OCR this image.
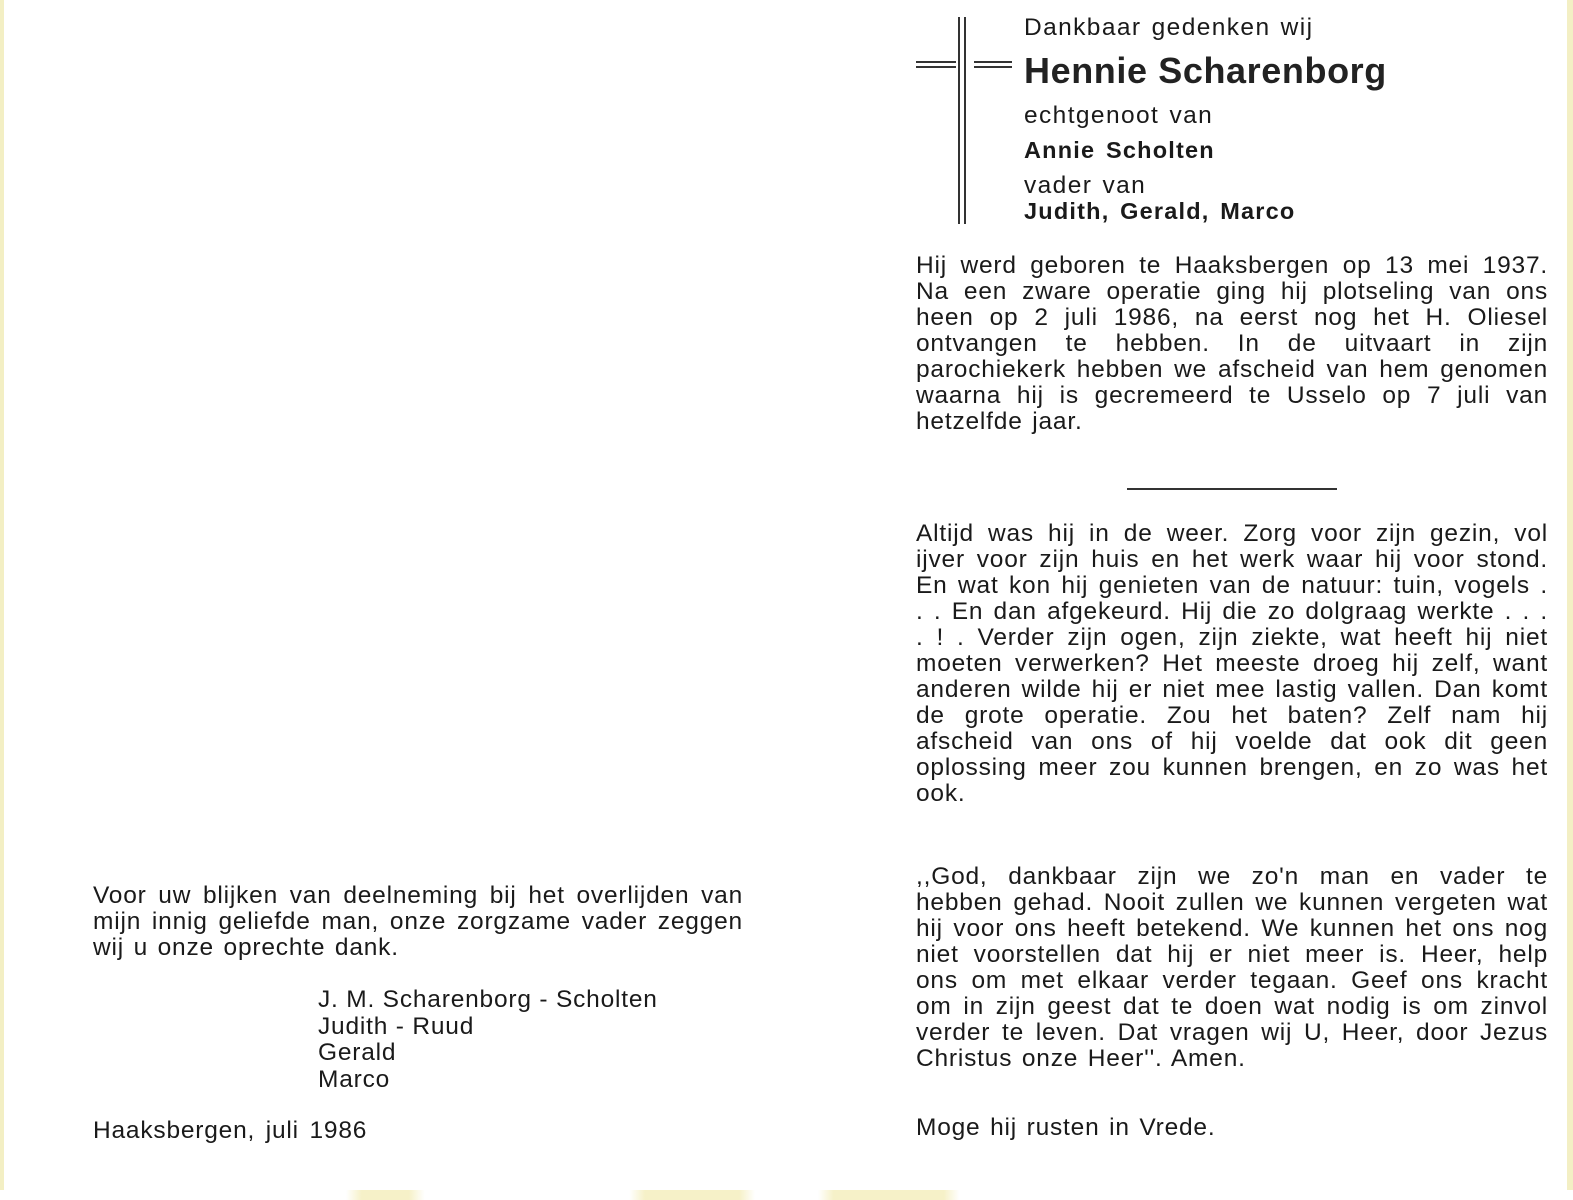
Voor uw blijken van deelneming bij het overlijden van mijn innig geliefde man, onze zorgzame vader zeggen wij u onze oprechte dank.

J. M. Scharenborg - Scholten
Judith - Ruud
Gerald
Marco
Haaksbergen, juli 1986
Dankbaar gedenken wij
Hennie Scharenborg
echtgenoot van
Annie Scholten
vader van
Judith, Gerald, Marco

Hij werd geboren te Haaksbergen op 13 mei 1937. Na een zware operatie ging hij plotseling van ons heen op 2 juli 1986, na eerst nog het H. Oliesel ontvangen te hebben. In de uitvaart in zijn parochiekerk hebben we afscheid van hem genomen waarna hij is gecremeerd te Usselo op 7 juli van hetzelfde jaar.

Altijd was hij in de weer. Zorg voor zijn gezin, vol ijver voor zijn huis en het werk waar hij voor stond. En wat kon hij genieten van de natuur: tuin, vogels . . . En dan afgekeurd. Hij die zo dolgraag werkte . . . . ! . Verder zijn ogen, zijn ziekte, wat heeft hij niet moeten verwerken? Het meeste droeg hij zelf, want anderen wilde hij er niet mee lastig vallen. Dan komt de grote operatie. Zou het baten? Zelf nam hij afscheid van ons of hij voelde dat ook dit geen oplossing meer zou kunnen brengen, en zo was het ook.

,,God, dankbaar zijn we zo'n man en vader te hebben gehad. Nooit zullen we kunnen vergeten wat hij voor ons heeft betekend. We kunnen het ons nog niet voorstellen dat hij er niet meer is. Heer, help ons om met elkaar verder tegaan. Geef ons kracht om in zijn geest dat te doen wat nodig is om zinvol verder te leven. Dat vragen wij U, Heer, door Jezus Christus onze Heer''. Amen.

Moge hij rusten in Vrede.
